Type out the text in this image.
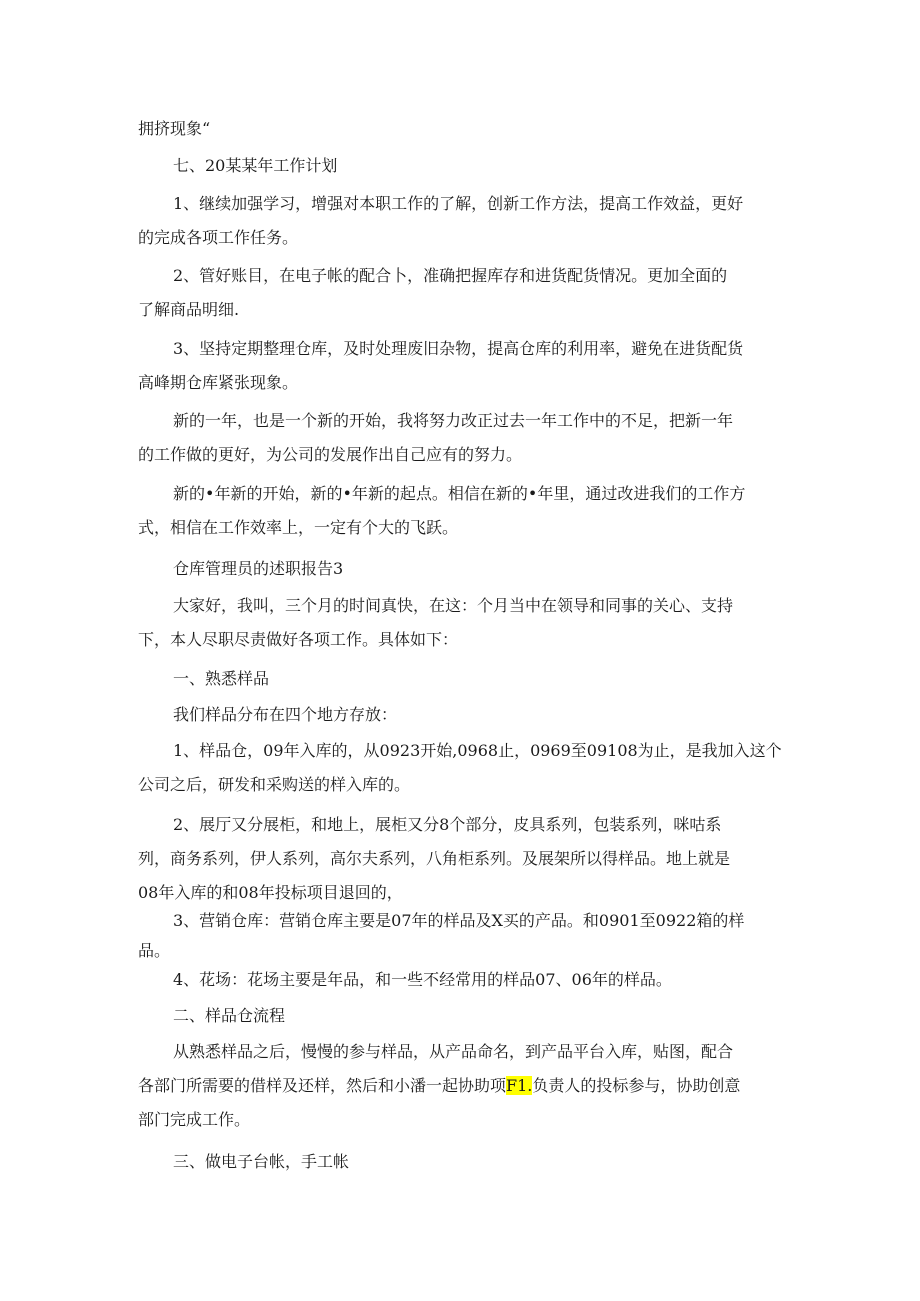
拥挤现象“
七、20某某年工作计划
1、继续加强学习，增强对本职工作的了解，创新工作方法，提高工作效益，更好
的完成各项工作任务。
2、管好账目，在电子帐的配合卜，准确把握库存和进货配货情况。更加全面的
了解商品明细.
3、坚持定期整理仓库，及时处理废旧杂物，提高仓库的利用率，避免在进货配货
高峰期仓库紧张现象。
新的一年，也是一个新的开始，我将努力改正过去一年工作中的不足，把新一年
的工作做的更好，为公司的发展作出自己应有的努力。
新的•年新的开始，新的•年新的起点。相信在新的•年里，通过改进我们的工作方
式，相信在工作效率上，一定有个大的飞跃。
仓库管理员的述职报告3
大家好，我叫，三个月的时间真快，在这：个月当中在领导和同事的关心、支持
下，本人尽职尽责做好各项工作。具体如下：
一、熟悉样品
我们样品分布在四个地方存放：
1、样品仓，09年入库的，从0923开始,0968止，0969至09108为止，是我加入这个
公司之后，研发和采购送的样入库的。
2、展厅又分展柜，和地上，展柜又分8个部分，皮具系列，包装系列，咪咕系
列，商务系列，伊人系列，高尔夫系列，八角柜系列。及展架所以得样品。地上就是
08年入库的和08年投标项目退回的，
3、营销仓库：营销仓库主要是07年的样品及X买的产品。和0901至0922箱的样
品。
4、花场：花场主要是年品，和一些不经常用的样品07、06年的样品。
二、样品仓流程
从熟悉样品之后，慢慢的参与样品，从产品命名，到产品平台入库，贴图，配合
各部门所需要的借样及还样，然后和小潘一起协助项F1.负责人的投标参与，协助创意
部门完成工作。
三、做电子台帐，手工帐
